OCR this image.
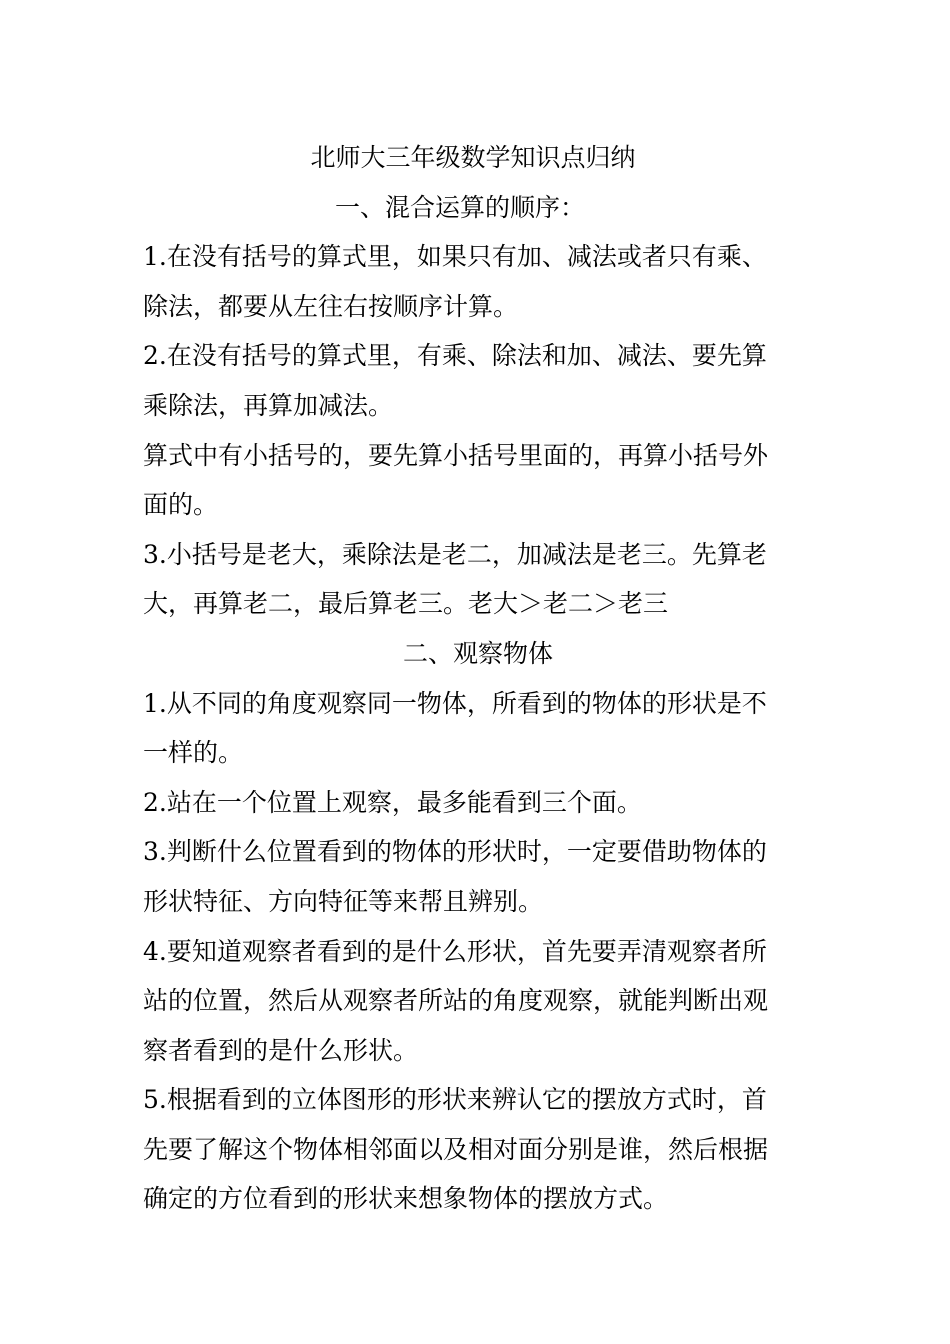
北师大三年级数学知识点归纳
一、混合运算的顺序：
1.在没有括号的算式里，如果只有加、减法或者只有乘、
除法，都要从左往右按顺序计算。
2.在没有括号的算式里，有乘、除法和加、减法、要先算
乘除法，再算加减法。
算式中有小括号的，要先算小括号里面的，再算小括号外
面的。
3.小括号是老大，乘除法是老二，加减法是老三。先算老
大，再算老二，最后算老三。老大＞老二＞老三
二、观察物体
1.从不同的角度观察同一物体，所看到的物体的形状是不
一样的。
2.站在一个位置上观察，最多能看到三个面。
3.判断什么位置看到的物体的形状时，一定要借助物体的
形状特征、方向特征等来帮且辨别。
4.要知道观察者看到的是什么形状，首先要弄清观察者所
站的位置，然后从观察者所站的角度观察，就能判断出观
察者看到的是什么形状。
5.根据看到的立体图形的形状来辨认它的摆放方式时，首
先要了解这个物体相邻面以及相对面分别是谁，然后根据
确定的方位看到的形状来想象物体的摆放方式。
